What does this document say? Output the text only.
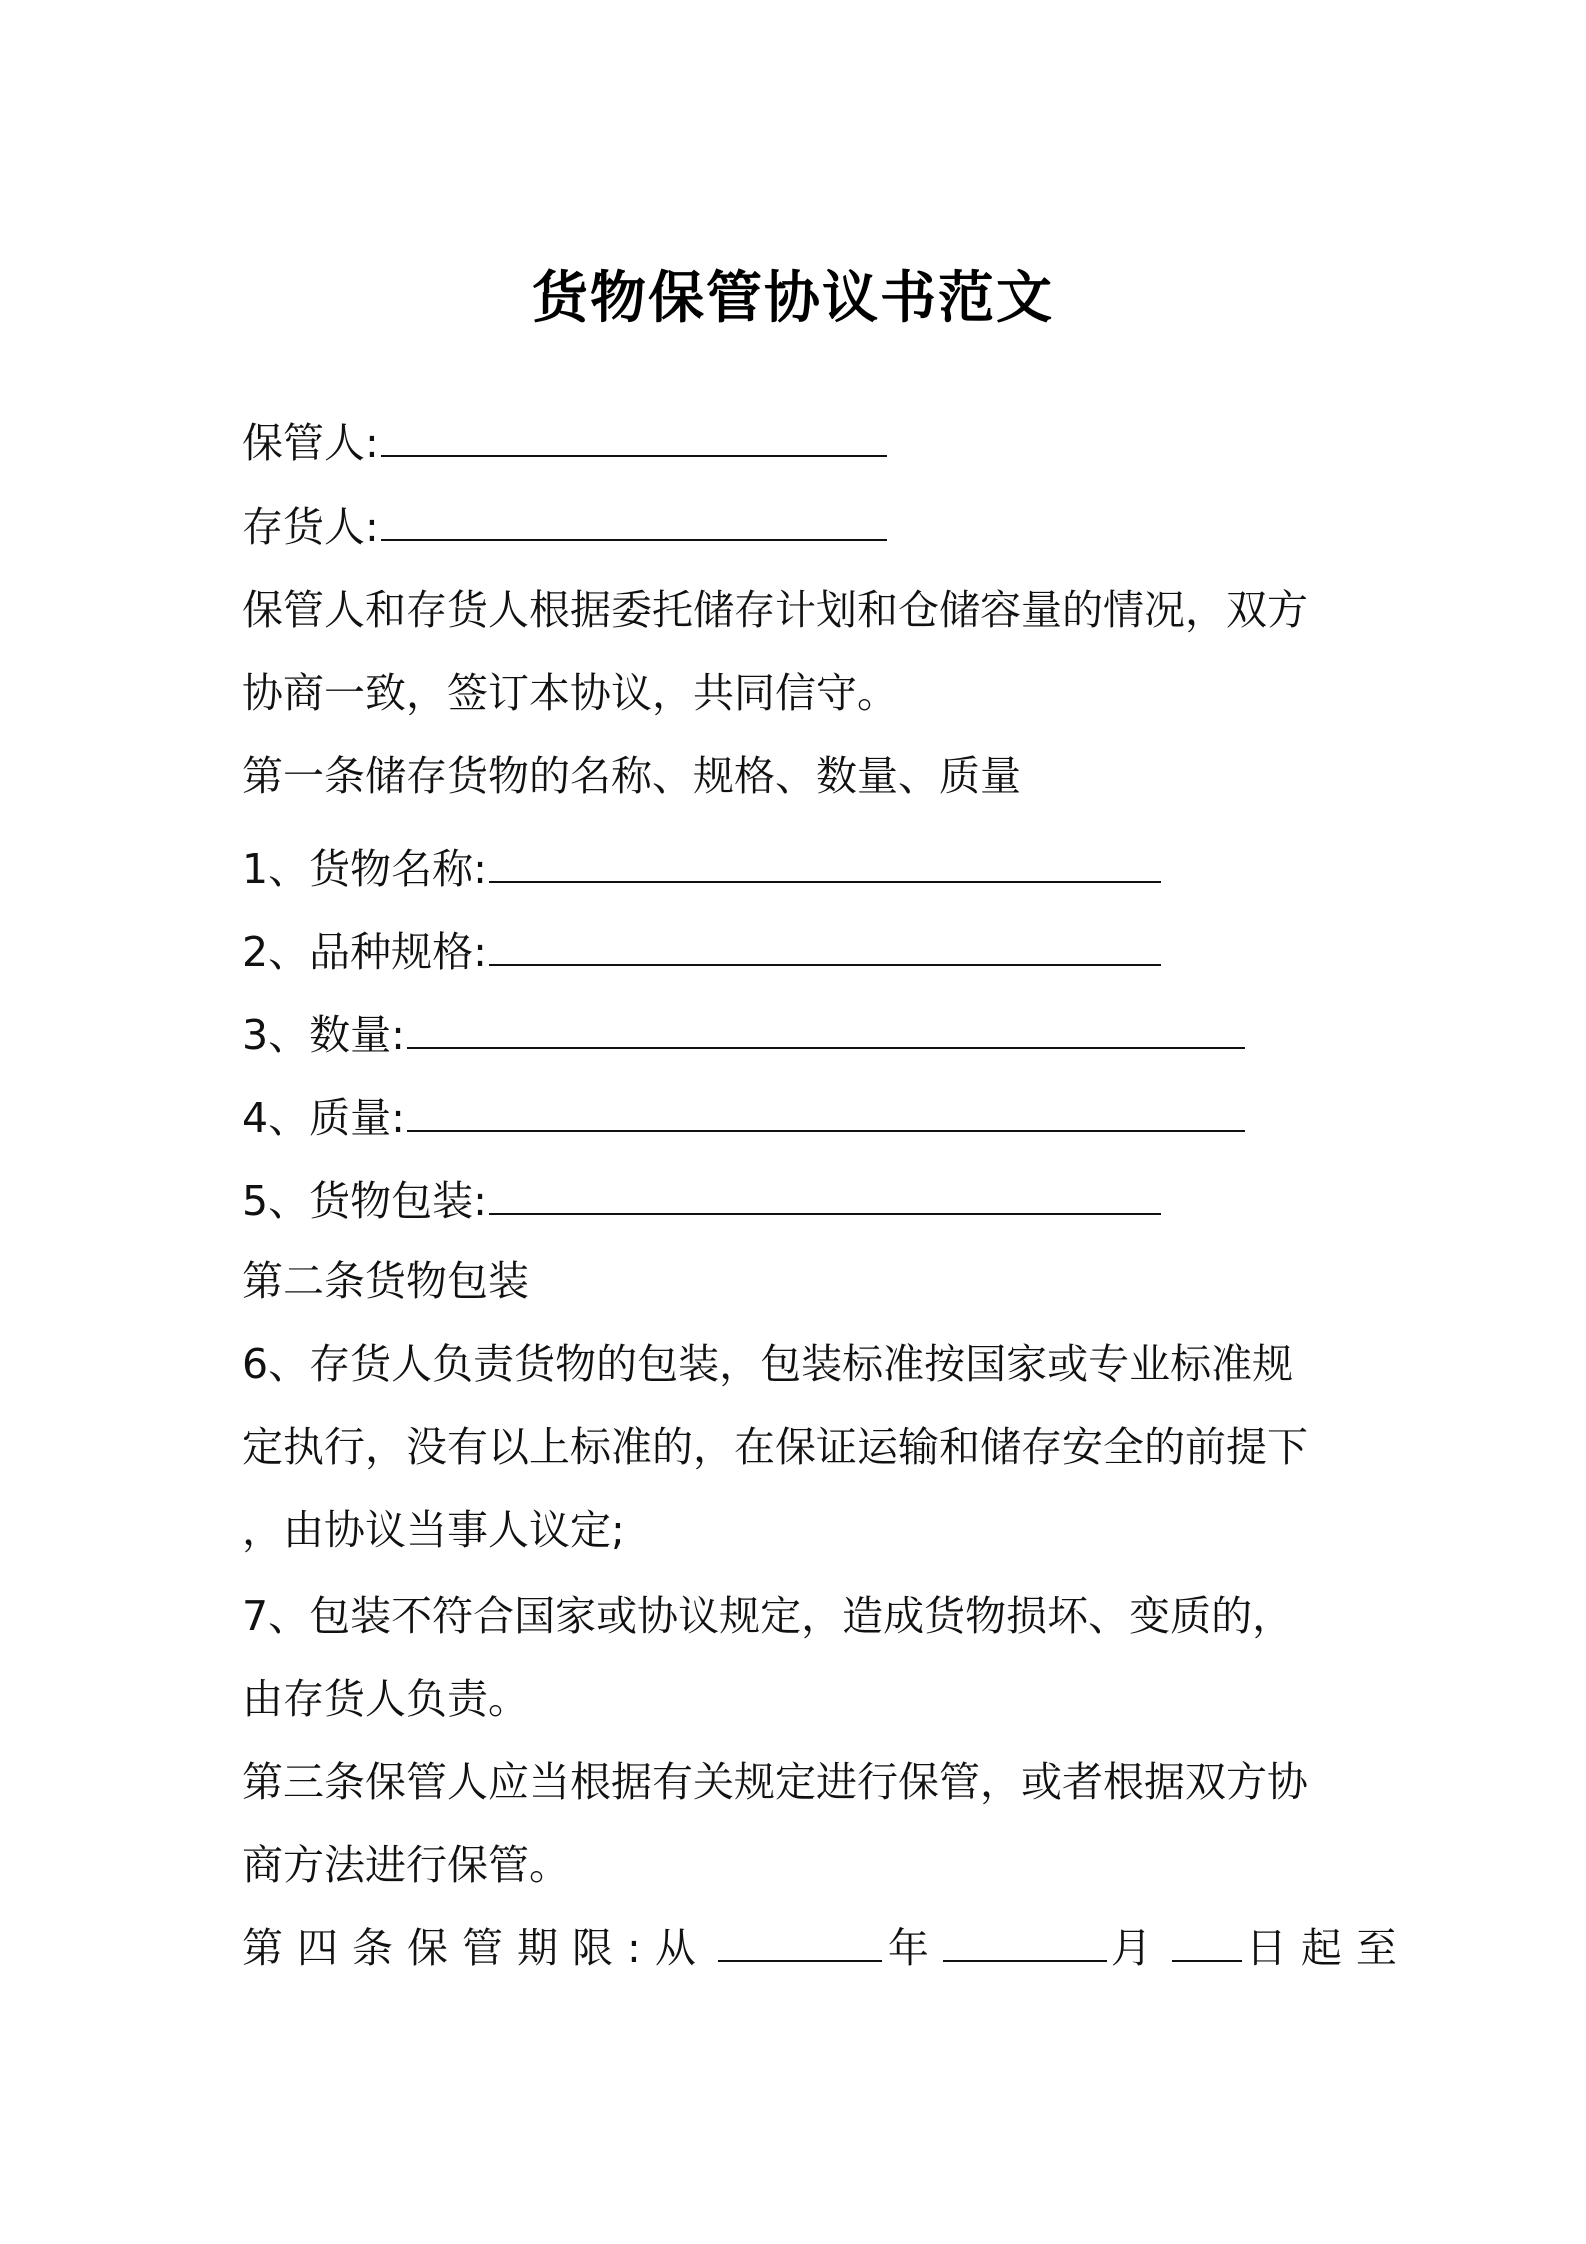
货物保管协议书范文
保管人:
存货人:
保管人和存货人根据委托储存计划和仓储容量的情况，双方
协商一致，签订本协议，共同信守。
第一条储存货物的名称、规格、数量、质量
1、货物名称:
2、品种规格:
3、数量:
4、质量:
5、货物包装:
第二条货物包装
6、存货人负责货物的包装，包装标准按国家或专业标准规
定执行，没有以上标准的，在保证运输和储存安全的前提下
，由协议当事人议定;
7、包装不符合国家或协议规定，造成货物损坏、变质的，
由存货人负责。
第三条保管人应当根据有关规定进行保管，或者根据双方协
商方法进行保管。
第四条保管期限:从	年	月 日起至
